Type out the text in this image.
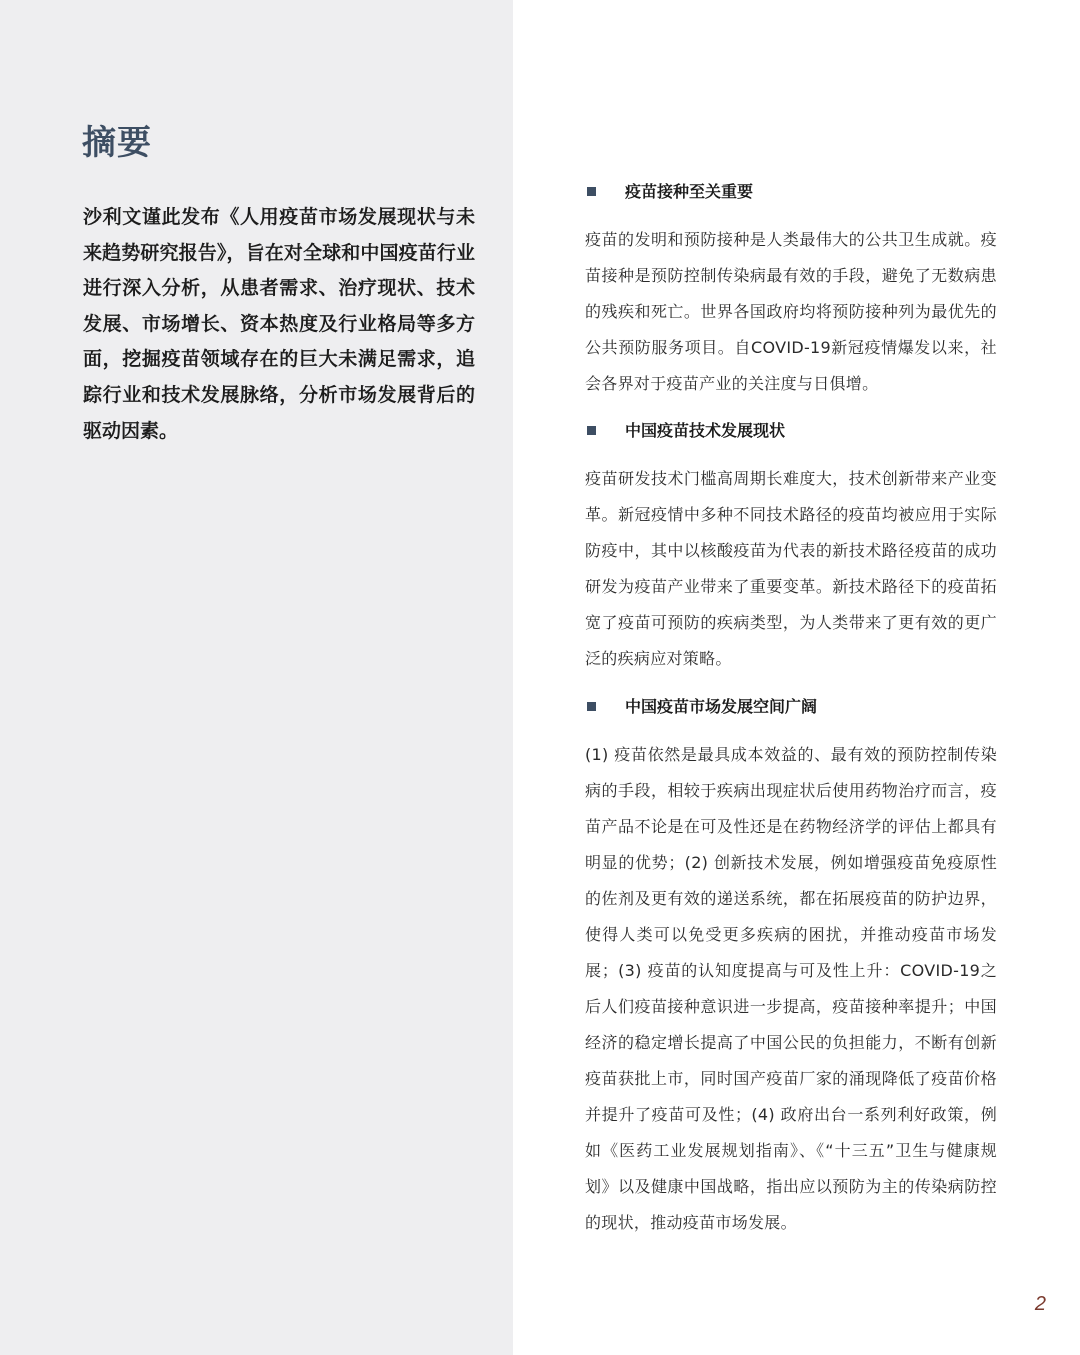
摘要

沙利文谨此发布《人用疫苗市场发展现状与未来趋势研究报告》，旨在对全球和中国疫苗行业进行深入分析，从患者需求、治疗现状、技术发展、市场增长、资本热度及行业格局等多方面，挖掘疫苗领域存在的巨大未满足需求，追踪行业和技术发展脉络，分析市场发展背后的驱动因素。

疫苗接种至关重要

疫苗的发明和预防接种是人类最伟大的公共卫生成就。疫苗接种是预防控制传染病最有效的手段，避免了无数病患的残疾和死亡。世界各国政府均将预防接种列为最优先的公共预防服务项目。自COVID-19新冠疫情爆发以来，社会各界对于疫苗产业的关注度与日俱增。

中国疫苗技术发展现状

疫苗研发技术门槛高周期长难度大，技术创新带来产业变革。新冠疫情中多种不同技术路径的疫苗均被应用于实际防疫中，其中以核酸疫苗为代表的新技术路径疫苗的成功研发为疫苗产业带来了重要变革。新技术路径下的疫苗拓宽了疫苗可预防的疾病类型，为人类带来了更有效的更广泛的疾病应对策略。

中国疫苗市场发展空间广阔

(1) 疫苗依然是最具成本效益的、最有效的预防控制传染病的手段，相较于疾病出现症状后使用药物治疗而言，疫苗产品不论是在可及性还是在药物经济学的评估上都具有明显的优势；(2) 创新技术发展，例如增强疫苗免疫原性的佐剂及更有效的递送系统，都在拓展疫苗的防护边界，使得人类可以免受更多疾病的困扰，并推动疫苗市场发展；(3) 疫苗的认知度提高与可及性上升：COVID-19之后人们疫苗接种意识进一步提高，疫苗接种率提升；中国经济的稳定增长提高了中国公民的负担能力，不断有创新疫苗获批上市，同时国产疫苗厂家的涌现降低了疫苗价格并提升了疫苗可及性；(4) 政府出台一系列利好政策，例如《医药工业发展规划指南》、《“十三五”卫生与健康规划》以及健康中国战略，指出应以预防为主的传染病防控的现状，推动疫苗市场发展。

2
